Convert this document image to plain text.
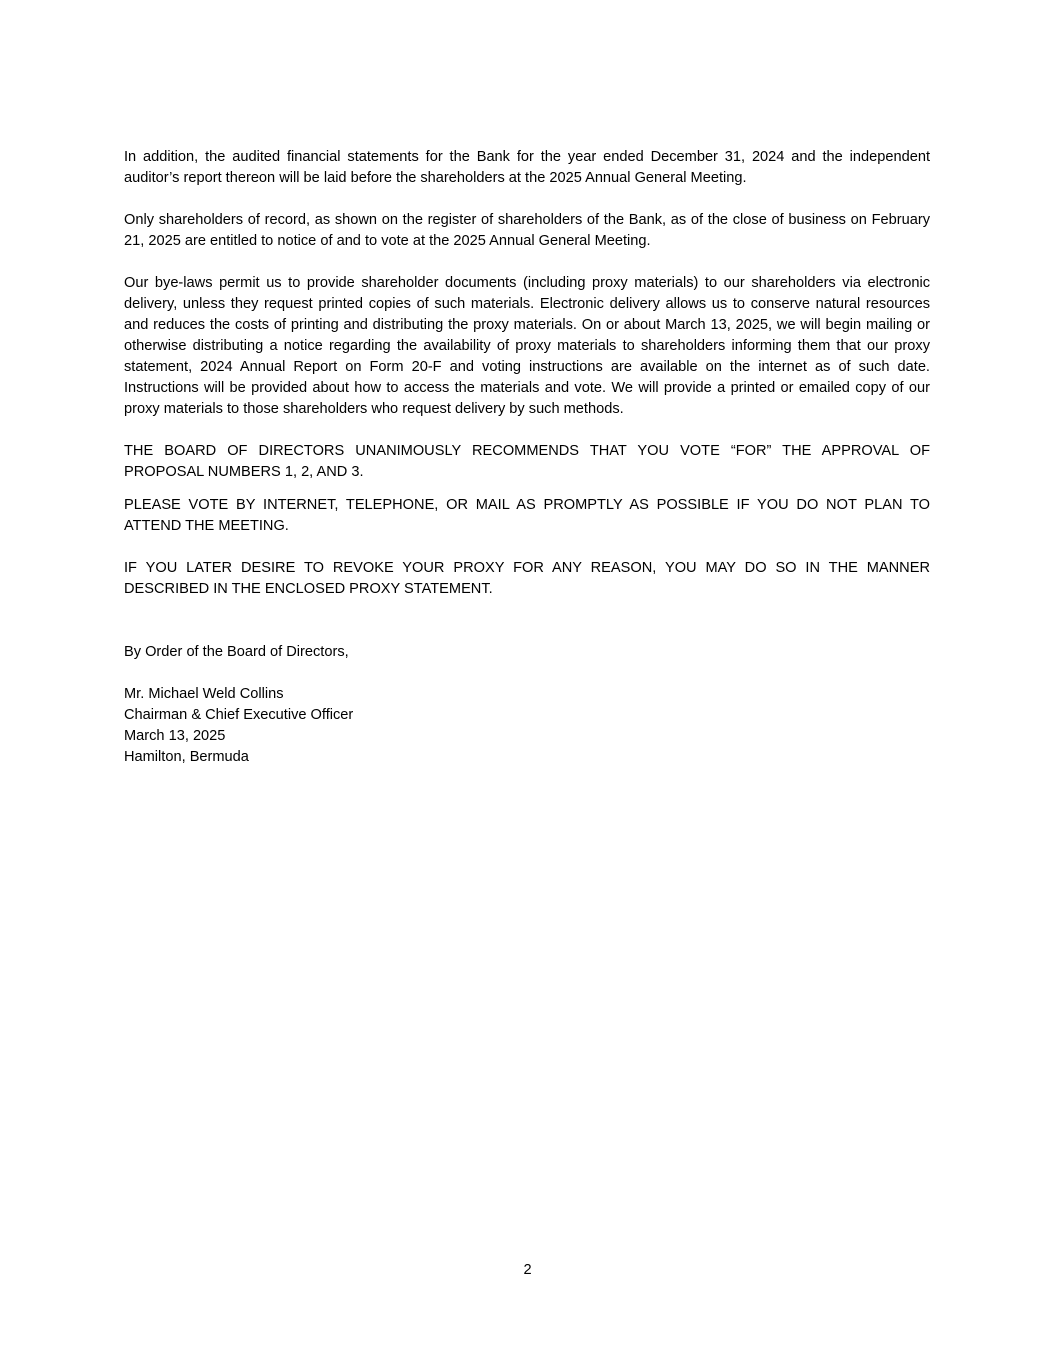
In addition, the audited financial statements for the Bank for the year ended December 31, 2024 and the independent auditor’s report thereon will be laid before the shareholders at the 2025 Annual General Meeting.

Only shareholders of record, as shown on the register of shareholders of the Bank, as of the close of business on February 21, 2025 are entitled to notice of and to vote at the 2025 Annual General Meeting.

Our bye-laws permit us to provide shareholder documents (including proxy materials) to our shareholders via electronic delivery, unless they request printed copies of such materials. Electronic delivery allows us to conserve natural resources and reduces the costs of printing and distributing the proxy materials. On or about March 13, 2025, we will begin mailing or otherwise distributing a notice regarding the availability of proxy materials to shareholders informing them that our proxy statement, 2024 Annual Report on Form 20-F and voting instructions are available on the internet as of such date. Instructions will be provided about how to access the materials and vote. We will provide a printed or emailed copy of our proxy materials to those shareholders who request delivery by such methods.

THE BOARD OF DIRECTORS UNANIMOUSLY RECOMMENDS THAT YOU VOTE “FOR” THE APPROVAL OF PROPOSAL NUMBERS 1, 2, AND 3.

PLEASE VOTE BY INTERNET, TELEPHONE, OR MAIL AS PROMPTLY AS POSSIBLE IF YOU DO NOT PLAN TO ATTEND THE MEETING.

IF YOU LATER DESIRE TO REVOKE YOUR PROXY FOR ANY REASON, YOU MAY DO SO IN THE MANNER DESCRIBED IN THE ENCLOSED PROXY STATEMENT.

By Order of the Board of Directors,

Mr. Michael Weld Collins

Chairman & Chief Executive Officer

March 13, 2025

Hamilton, Bermuda

2
